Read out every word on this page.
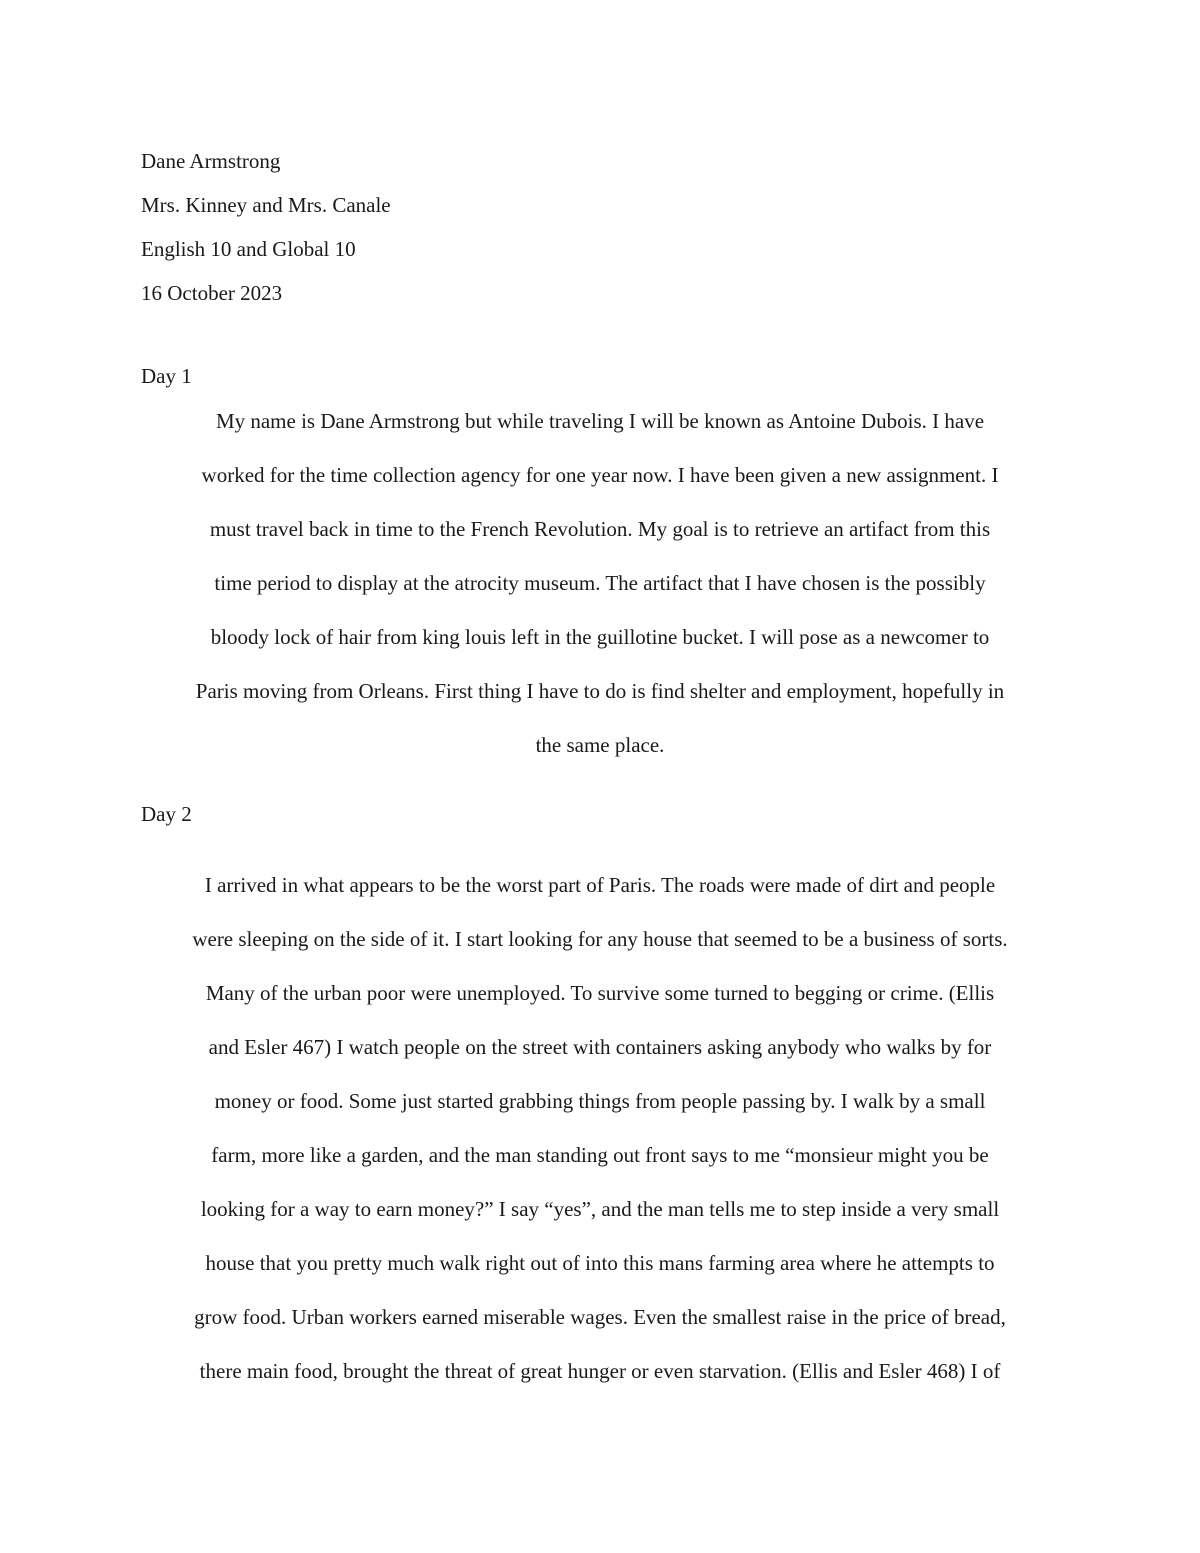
Dane Armstrong
Mrs. Kinney and Mrs. Canale
English 10 and Global 10
16 October 2023
Day 1
My name is Dane Armstrong but while traveling I will be known as Antoine Dubois. I have
worked for the time collection agency for one year now. I have been given a new assignment. I
must travel back in time to the French Revolution. My goal is to retrieve an artifact from this
time period to display at the atrocity museum. The artifact that I have chosen is the possibly
bloody lock of hair from king louis left in the guillotine bucket. I will pose as a newcomer to
Paris moving from Orleans. First thing I have to do is find shelter and employment, hopefully in
the same place.
Day 2
I arrived in what appears to be the worst part of Paris. The roads were made of dirt and people
were sleeping on the side of it. I start looking for any house that seemed to be a business of sorts.
Many of the urban poor were unemployed. To survive some turned to begging or crime. (Ellis
and Esler 467) I watch people on the street with containers asking anybody who walks by for
money or food. Some just started grabbing things from people passing by. I walk by a small
farm, more like a garden, and the man standing out front says to me “monsieur might you be
looking for a way to earn money?” I say “yes”, and the man tells me to step inside a very small
house that you pretty much walk right out of into this mans farming area where he attempts to
grow food. Urban workers earned miserable wages. Even the smallest raise in the price of bread,
there main food, brought the threat of great hunger or even starvation. (Ellis and Esler 468) I of
